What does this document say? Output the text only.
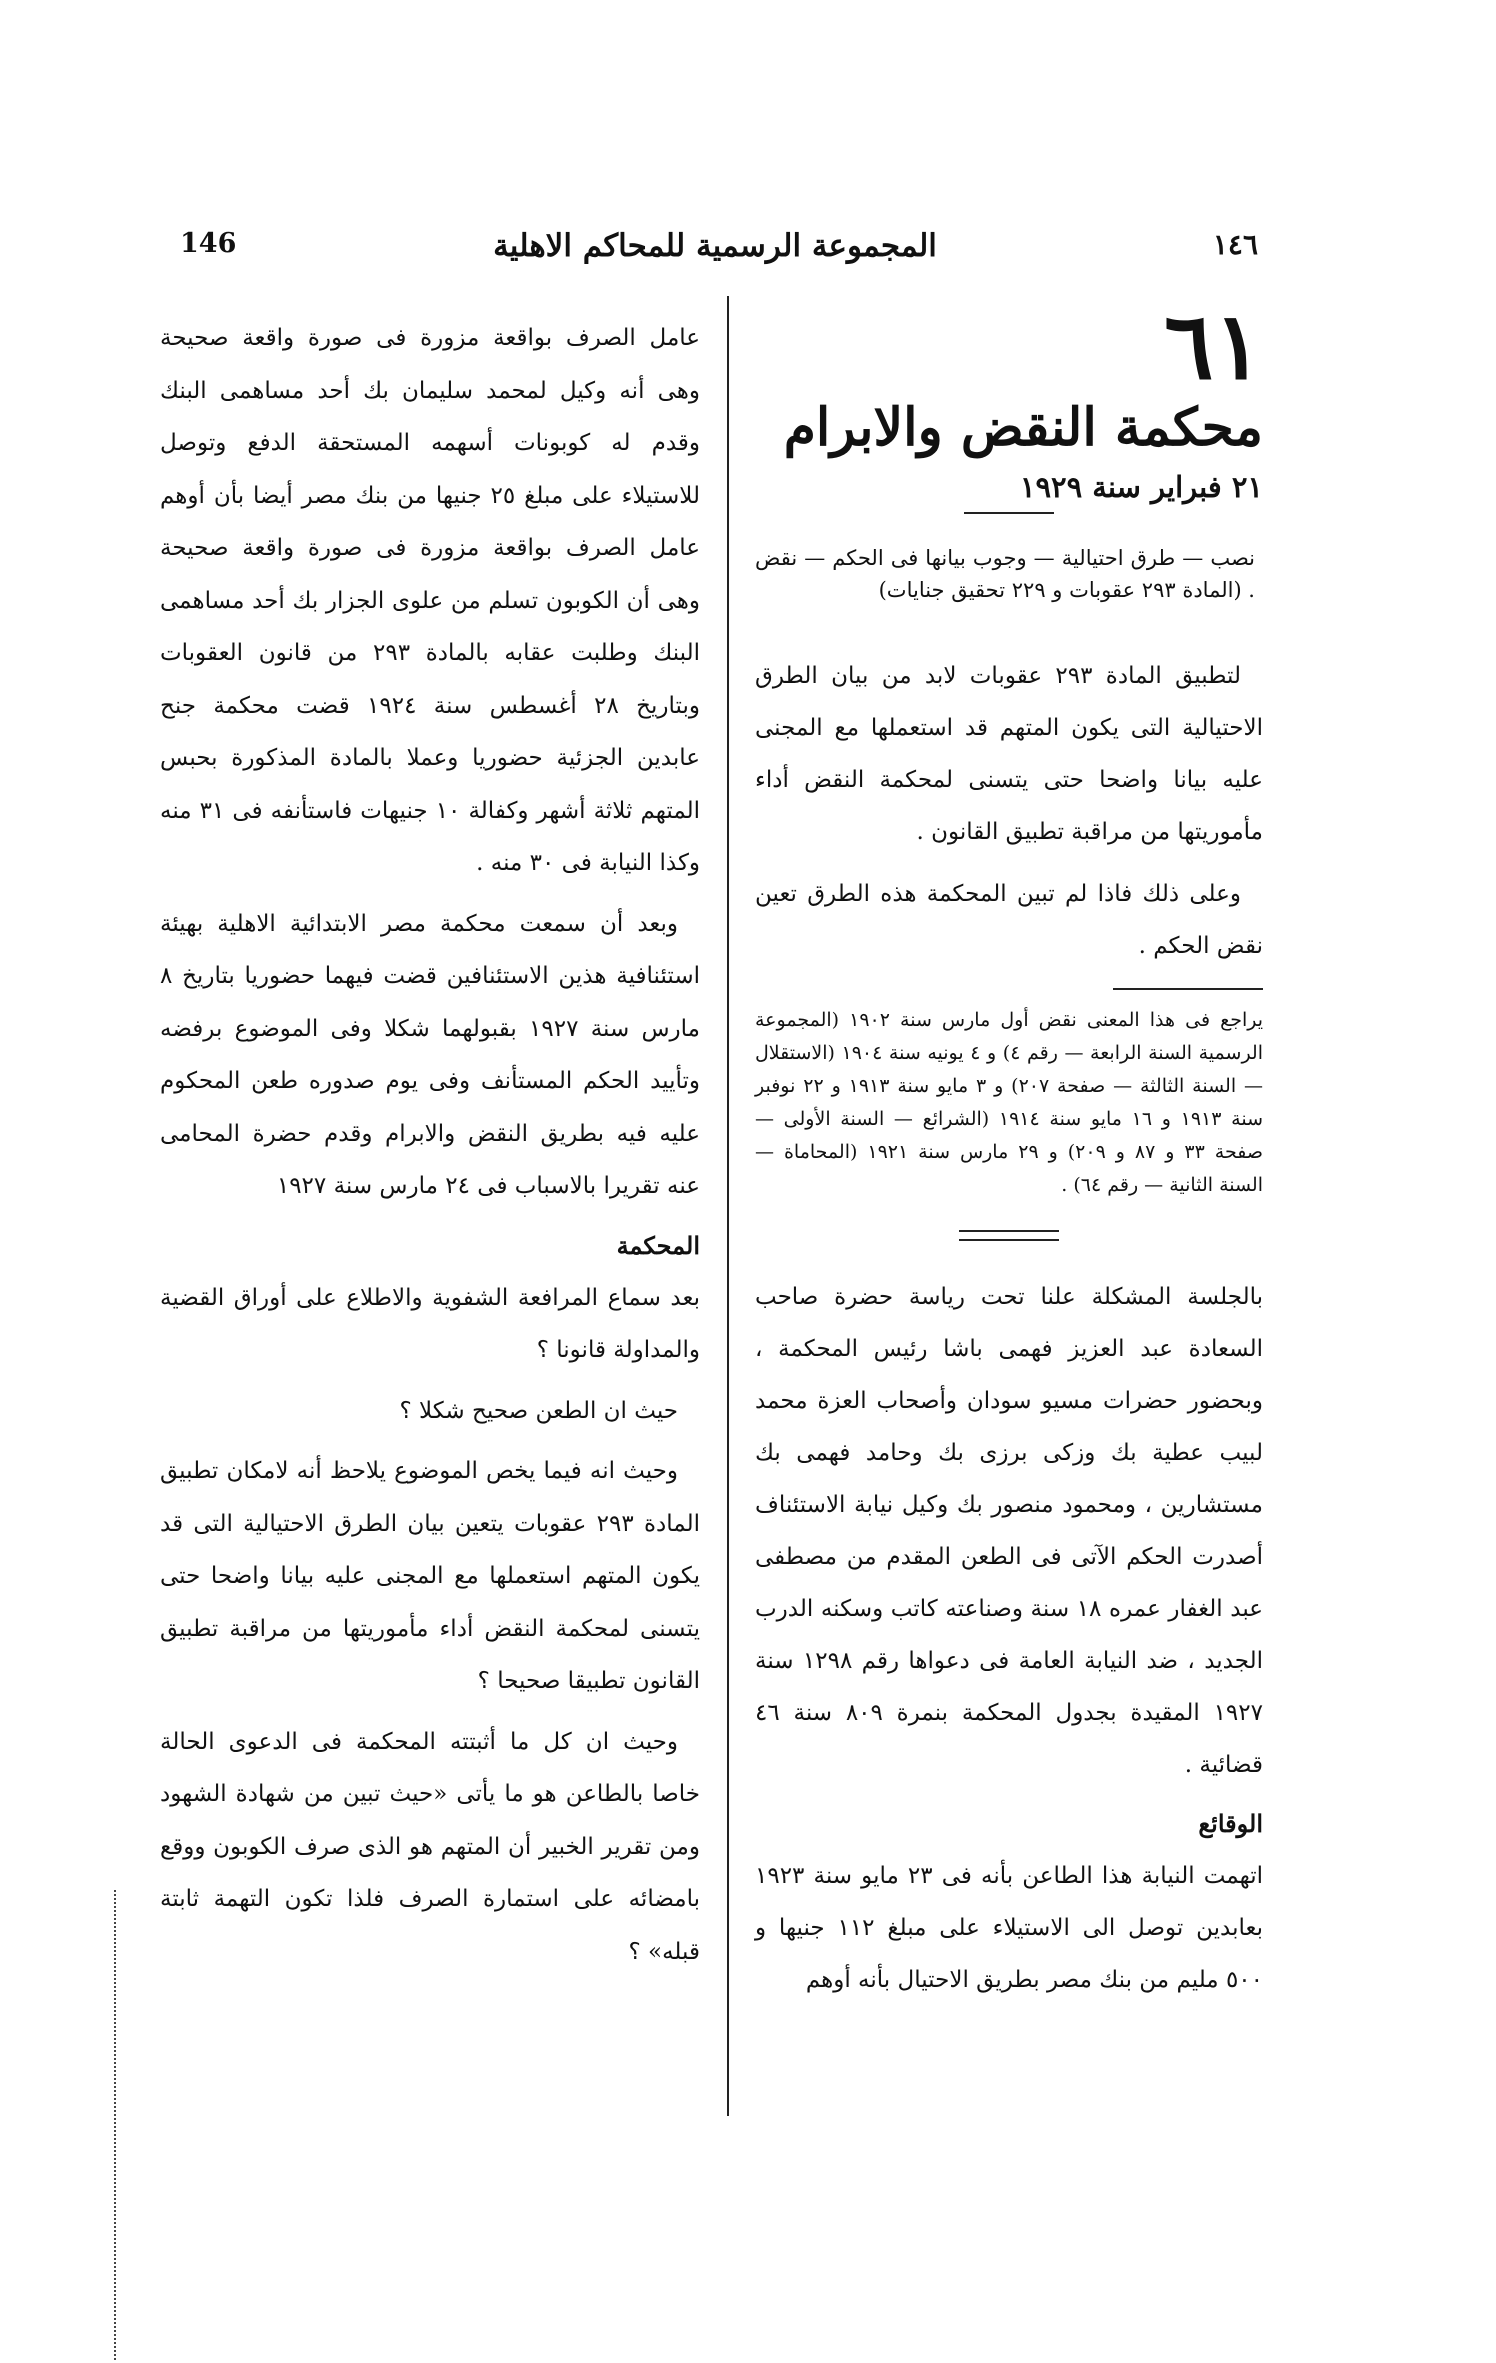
146	المجموعة الرسمية للمحاكم الاهلية	١٤٦
٦١
محكمة النقض والابرام
٢١ فبراير سنة ١٩٢٩

نصب — طرق احتيالية — وجوب بيانها فى الحكم — نقض . (المادة ٢٩٣ عقوبات و ٢٢٩ تحقيق جنايات)

لتطبيق المادة ٢٩٣ عقوبات لابد من بيان الطرق الاحتيالية التى يكون المتهم قد استعملها مع المجنى عليه بيانا واضحا حتى يتسنى لمحكمة النقض أداء مأموريتها من مراقبة تطبيق القانون .

وعلى ذلك فاذا لم تبين المحكمة هذه الطرق تعين نقض الحكم .

يراجع فى هذا المعنى نقض أول مارس سنة ١٩٠٢ (المجموعة الرسمية السنة الرابعة — رقم ٤) و ٤ يونيه سنة ١٩٠٤ (الاستقلال — السنة الثالثة — صفحة ٢٠٧) و ٣ مايو سنة ١٩١٣ و ٢٢ نوفبر سنة ١٩١٣ و ١٦ مايو سنة ١٩١٤ (الشرائع — السنة الأولى — صفحة ٣٣ و ٨٧ و ٢٠٩) و ٢٩ مارس سنة ١٩٢١ (المحاماة — السنة الثانية — رقم ٦٤) .

بالجلسة المشكلة علنا تحت رياسة حضرة صاحب السعادة عبد العزيز فهمى باشا رئيس المحكمة ، وبحضور حضرات مسيو سودان وأصحاب العزة محمد لبيب عطية بك وزكى برزى بك وحامد فهمى بك مستشارين ، ومحمود منصور بك وكيل نيابة الاستئناف أصدرت الحكم الآتى فى الطعن المقدم من مصطفى عبد الغفار عمره ١٨ سنة وصناعته كاتب وسكنه الدرب الجديد ، ضد النيابة العامة فى دعواها رقم ١٢٩٨ سنة ١٩٢٧ المقيدة بجدول المحكمة بنمرة ٨٠٩ سنة ٤٦ قضائية .

الوقائع

اتهمت النيابة هذا الطاعن بأنه فى ٢٣ مايو سنة ١٩٢٣ بعابدين توصل الى الاستيلاء على مبلغ ١١٢ جنيها و ٥٠٠ مليم من بنك مصر بطريق الاحتيال بأنه أوهم

عامل الصرف بواقعة مزورة فى صورة واقعة صحيحة وهى أنه وكيل لمحمد سليمان بك أحد مساهمى البنك وقدم له كوبونات أسهمه المستحقة الدفع وتوصل للاستيلاء على مبلغ ٢٥ جنيها من بنك مصر أيضا بأن أوهم عامل الصرف بواقعة مزورة فى صورة واقعة صحيحة وهى أن الكوبون تسلم من علوى الجزار بك أحد مساهمى البنك وطلبت عقابه بالمادة ٢٩٣ من قانون العقوبات وبتاريخ ٢٨ أغسطس سنة ١٩٢٤ قضت محكمة جنح عابدين الجزئية حضوريا وعملا بالمادة المذكورة بحبس المتهم ثلاثة أشهر وكفالة ١٠ جنيهات فاستأنفه فى ٣١ منه وكذا النيابة فى ٣٠ منه .

وبعد أن سمعت محكمة مصر الابتدائية الاهلية بهيئة استئنافية هذين الاستئنافين قضت فيهما حضوريا بتاريخ ٨ مارس سنة ١٩٢٧ بقبولهما شكلا وفى الموضوع برفضه وتأييد الحكم المستأنف وفى يوم صدوره طعن المحكوم عليه فيه بطريق النقض والابرام وقدم حضرة المحامى عنه تقريرا بالاسباب فى ٢٤ مارس سنة ١٩٢٧

المحكمة

بعد سماع المرافعة الشفوية والاطلاع على أوراق القضية والمداولة قانونا ؟

حيث ان الطعن صحيح شكلا ؟

وحيث انه فيما يخص الموضوع يلاحظ أنه لامكان تطبيق المادة ٢٩٣ عقوبات يتعين بيان الطرق الاحتيالية التى قد يكون المتهم استعملها مع المجنى عليه بيانا واضحا حتى يتسنى لمحكمة النقض أداء مأموريتها من مراقبة تطبيق القانون تطبيقا صحيحا ؟

وحيث ان كل ما أثبتته المحكمة فى الدعوى الحالة خاصا بالطاعن هو ما يأتى «حيث تبين من شهادة الشهود ومن تقرير الخبير أن المتهم هو الذى صرف الكوبون ووقع بامضائه على استمارة الصرف فلذا تكون التهمة ثابتة قبله» ؟
